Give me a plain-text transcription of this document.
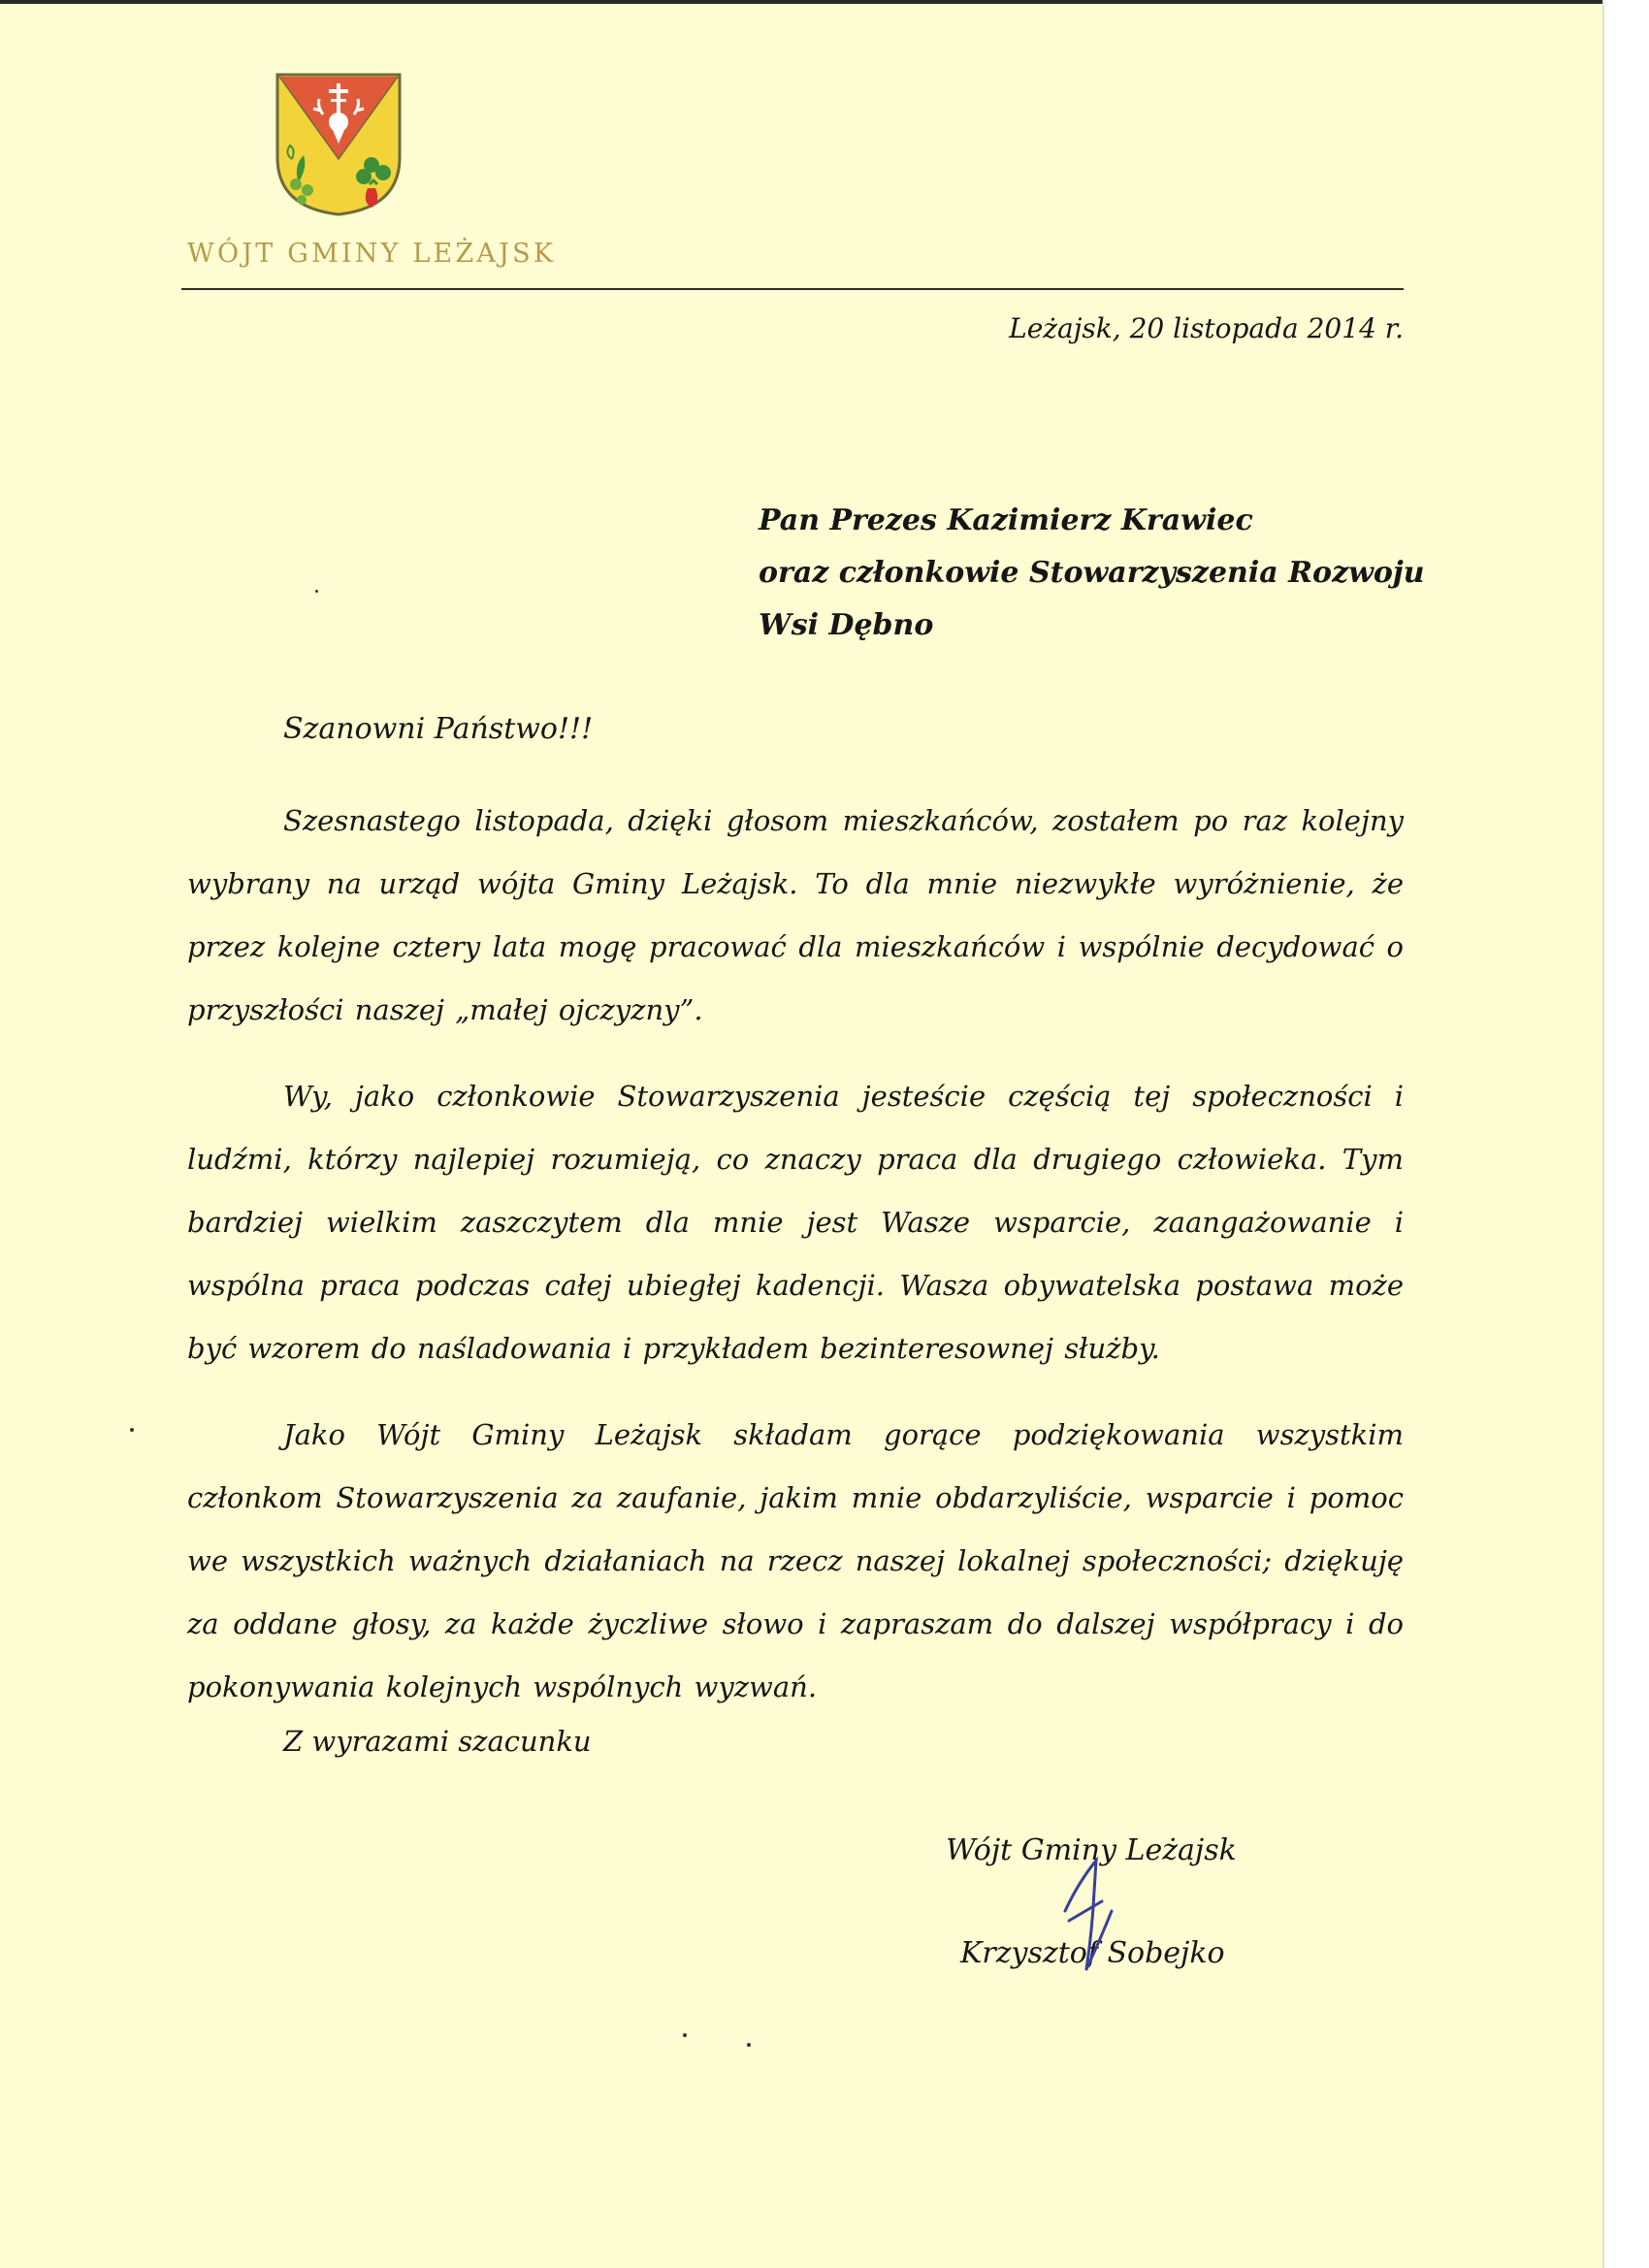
WÓJT GMINY LEŻAJSK
Leżajsk, 20 listopada 2014 r.
Pan Prezes Kazimierz Krawiec
oraz członkowie Stowarzyszenia Rozwoju
Wsi Dębno
Szanowni Państwo!!!

Szesnastego listopada, dzięki głosom mieszkańców, zostałem po raz kolejny wybrany na urząd wójta Gminy Leżajsk. To dla mnie niezwykłe wyróżnienie, że przez kolejne cztery lata mogę pracować dla mieszkańców i wspólnie decydować o przyszłości naszej „małej ojczyzny”.

Wy, jako członkowie Stowarzyszenia jesteście częścią tej społeczności i ludźmi, którzy najlepiej rozumieją, co znaczy praca dla drugiego człowieka. Tym bardziej wielkim zaszczytem dla mnie jest Wasze wsparcie, zaangażowanie i wspólna praca podczas całej ubiegłej kadencji. Wasza obywatelska postawa może być wzorem do naśladowania i przykładem bezinteresownej służby.

Jako Wójt Gminy Leżajsk składam gorące podziękowania wszystkim członkom Stowarzyszenia za zaufanie, jakim mnie obdarzyliście, wsparcie i pomoc we wszystkich ważnych działaniach na rzecz naszej lokalnej społeczności; dziękuję za oddane głosy, za każde życzliwe słowo i zapraszam do dalszej współpracy i do pokonywania kolejnych wspólnych wyzwań.

Z wyrazami szacunku
Wójt Gminy Leżajsk
Krzysztof Sobejko
